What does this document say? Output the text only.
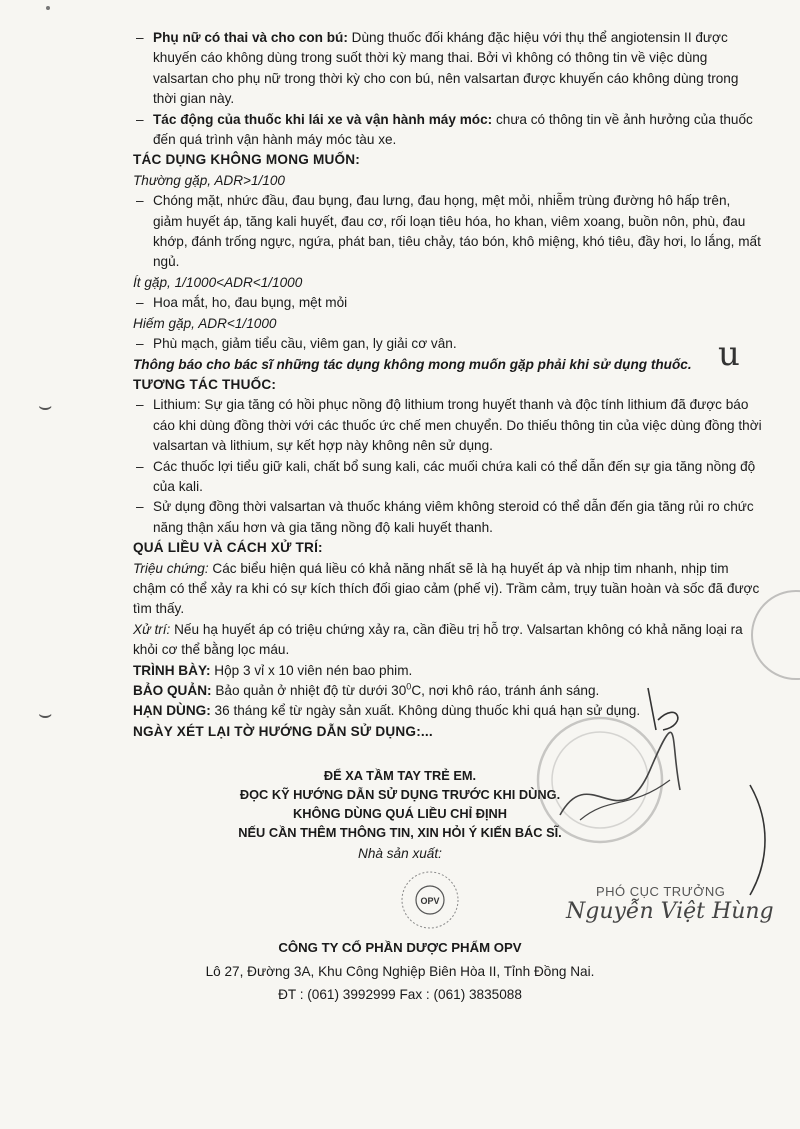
⌣
⌣
– Phụ nữ có thai và cho con bú: Dùng thuốc đối kháng đặc hiệu với thụ thể angiotensin II được khuyến cáo không dùng trong suốt thời kỳ mang thai. Bởi vì không có thông tin về việc dùng valsartan cho phụ nữ trong thời kỳ cho con bú, nên valsartan được khuyến cáo không dùng trong thời gian này.
– Tác động của thuốc khi lái xe và vận hành máy móc: chưa có thông tin về ảnh hưởng của thuốc đến quá trình vận hành máy móc tàu xe.

TÁC DỤNG KHÔNG MONG MUỐN:

Thường gặp, ADR>1/100

– Chóng mặt, nhức đầu, đau bụng, đau lưng, đau họng, mệt mỏi, nhiễm trùng đường hô hấp trên, giảm huyết áp, tăng kali huyết, đau cơ, rối loạn tiêu hóa, ho khan, viêm xoang, buồn nôn, phù, đau khớp, đánh trống ngực, ngứa, phát ban, tiêu chảy, táo bón, khô miệng, khó tiêu, đầy hơi, lo lắng, mất ngủ.

Ít gặp, 1/1000<ADR<1/1000

– Hoa mắt, ho, đau bụng, mệt mỏi

Hiếm gặp, ADR<1/1000

– Phù mạch, giảm tiểu cầu, viêm gan, ly giải cơ vân.

Thông báo cho bác sĩ những tác dụng không mong muốn gặp phải khi sử dụng thuốc.

TƯƠNG TÁC THUỐC:

– Lithium: Sự gia tăng có hồi phục nồng độ lithium trong huyết thanh và độc tính lithium đã được báo cáo khi dùng đồng thời với các thuốc ức chế men chuyển. Do thiếu thông tin của việc dùng đồng thời valsartan và lithium, sự kết hợp này không nên sử dụng.
– Các thuốc lợi tiểu giữ kali, chất bổ sung kali, các muối chứa kali có thể dẫn đến sự gia tăng nồng độ của kali.
– Sử dụng đồng thời valsartan và thuốc kháng viêm không steroid có thể dẫn đến gia tăng rủi ro chức năng thận xấu hơn và gia tăng nồng độ kali huyết thanh.

QUÁ LIỀU VÀ CÁCH XỬ TRÍ:

Triệu chứng: Các biểu hiện quá liều có khả năng nhất sẽ là hạ huyết áp và nhịp tim nhanh, nhịp tim chậm có thể xảy ra khi có sự kích thích đối giao cảm (phế vị). Trầm cảm, trụy tuần hoàn và sốc đã được tìm thấy.

Xử trí: Nếu hạ huyết áp có triệu chứng xảy ra, cần điều trị hỗ trợ. Valsartan không có khả năng loại ra khỏi cơ thể bằng lọc máu.

TRÌNH BÀY: Hộp 3 vỉ x 10 viên nén bao phim.

BẢO QUẢN: Bảo quản ở nhiệt độ từ dưới $30^0C$, nơi khô ráo, tránh ánh sáng.

HẠN DÙNG: 36 tháng kể từ ngày sản xuất. Không dùng thuốc khi quá hạn sử dụng.

NGÀY XÉT LẠI TỜ HƯỚNG DẪN SỬ DỤNG:...

ĐỂ XA TẦM TAY TRẺ EM.
ĐỌC KỸ HƯỚNG DẪN SỬ DỤNG TRƯỚC KHI DÙNG.
KHÔNG DÙNG QUÁ LIỀU CHỈ ĐỊNH
NẾU CẦN THÊM THÔNG TIN, XIN HỎI Ý KIẾN BÁC SĨ.
Nhà sản xuất:
OPV
PHÓ CỤC TRƯỞNG
Nguyễn Việt Hùng
CÔNG TY CỔ PHẦN DƯỢC PHẨM OPV
Lô 27, Đường 3A, Khu Công Nghiệp Biên Hòa II, Tỉnh Đồng Nai.
ĐT : (061) 3992999 Fax : (061) 3835088
u
